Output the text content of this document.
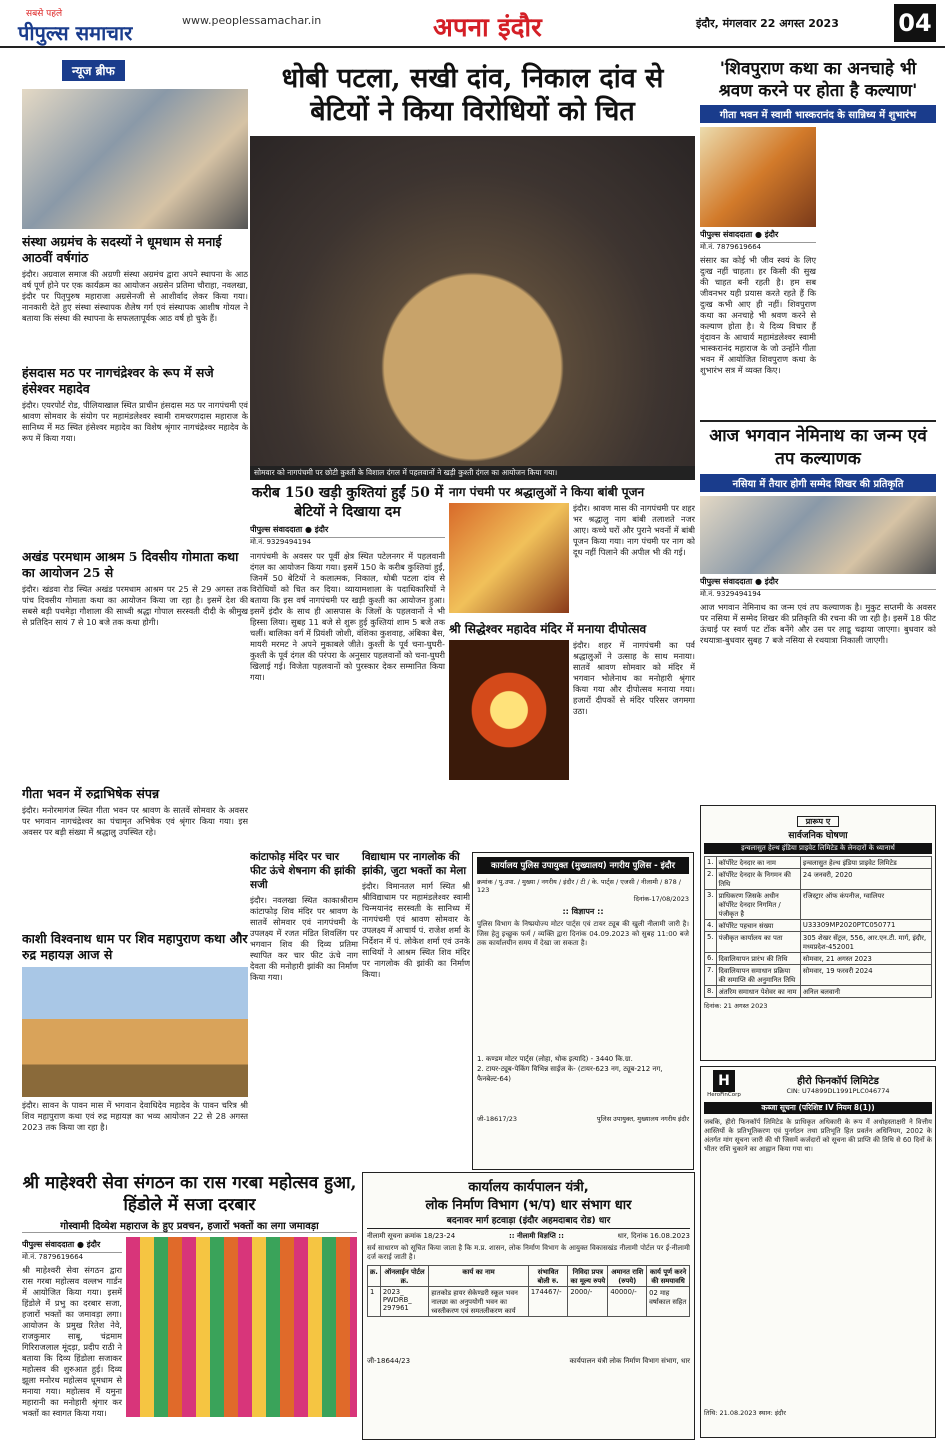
सबसे पहले
पीपुल्स समाचार
www.peoplessamachar.in	अपना इंदौर	इंदौर, मंगलवार 22 अगस्त 2023 04
न्यूज ब्रीफ
संस्था अग्रमंच के सदस्यों ने धूमधाम से मनाई आठवीं वर्षगांठ
इंदौर। अग्रवाल समाज की अग्रणी संस्था अग्रमंच द्वारा अपने स्थापना के आठ वर्ष पूर्ण होने पर एक कार्यक्रम का आयोजन अग्रसेन प्रतिमा चौराहा, नवलखा, इंदौर पर पितृपुरुष महाराजा अग्रसेनजी से आशीर्वाद लेकर किया गया। नानकारी देते हुए संस्था संस्थापक शैलेष गर्ग एवं संस्थापक आशीष गोयल ने बताया कि संस्था की स्थापना के सफलतापूर्वक आठ वर्ष हो चुके हैं।
हंसदास मठ पर नागचंद्रेश्वर के रूप में सजे हंसेश्वर महादेव
इंदौर। एयरपोर्ट रोड, पीलियाखाल स्थित प्राचीन हंसदास मठ पर नागपंचमी एवं श्रावण सोमवार के संयोग पर महामंडलेश्वर स्वामी रामचरणदास महाराज के सानिध्य में मठ स्थित हंसेश्वर महादेव का विशेष श्रृंगार नागचंद्रेश्वर महादेव के रूप में किया गया।
अखंड परमधाम आश्रम 5 दिवसीय गोमाता कथा का आयोजन 25 से
इंदौर। खंडवा रोड स्थित अखंड परमधाम आश्रम पर 25 से 29 अगस्त तक पांच दिवसीय गोमाता कथा का आयोजन किया जा रहा है। इसमें देश की सबसे बड़ी पथमेड़ा गौशाला की साध्वी श्रद्धा गोपाल सरस्वती दीदी के श्रीमुख से प्रतिदिन सायं 7 से 10 बजे तक कथा होगी।
गीता भवन में रुद्राभिषेक संपन्न
इंदौर। मनोरमागंज स्थित गीता भवन पर श्रावण के सातवें सोमवार के अवसर पर भगवान नागचंद्रेश्वर का पंचामृत अभिषेक एवं श्रृंगार किया गया। इस अवसर पर बड़ी संख्या में श्रद्धालु उपस्थित रहे।
काशी विश्वनाथ धाम पर शिव महापुराण कथा और रुद्र महायज्ञ आज से
इंदौर। सावन के पावन मास में भगवान देवाधिदेव महादेव के पावन चरित्र श्री शिव महापुराण कथा एवं रुद्र महायज्ञ का भव्य आयोजन 22 से 28 अगस्त 2023 तक किया जा रहा है।
धोबी पटला, सखी दांव, निकाल दांव से बेटियों ने किया विरोधियों को चित
सोमवार को नागपंचमी पर छोटी कुश्ती के विशाल दंगल में पहलवानों ने खड़ी कुश्ती दंगल का आयोजन किया गया।
करीब 150 खड़ी कुश्तियां हुईं 50 में बेटियों ने दिखाया दम
पीपुल्स संवाददाता ● इंदौर
मो.नं. 9329494194
नागपंचमी के अवसर पर पूर्वी क्षेत्र स्थित पटेलनगर में पहलवानी दंगल का आयोजन किया गया। इसमें 150 के करीब कुश्तियां हुईं, जिनमें 50 बेटियों ने कलात्मक, निकाल, धोबी पटला दांव से विरोधियों को चित कर दिया। व्यायामशाला के पदाधिकारियों ने बताया कि इस वर्ष नागपंचमी पर खड़ी कुश्ती का आयोजन हुआ। इसमें इंदौर के साथ ही आसपास के जिलों के पहलवानों ने भी हिस्सा लिया। सुबह 11 बजे से शुरू हुई कुश्तियां शाम 5 बजे तक चलीं। बालिका वर्ग में प्रियंशी जोशी, वंशिका कुशवाह, अंबिका बैस, मायरी मरमट ने अपने मुकाबले जीते। कुश्ती के पूर्व चना-घुघरी-कुश्ती के पूर्व दंगल की परंपरा के अनुसार पहलवानों को चना-घुघरी खिलाई गई। विजेता पहलवानों को पुरस्कार देकर सम्मानित किया गया।
नाग पंचमी पर श्रद्धालुओं ने किया बांबी पूजन
इंदौर। श्रावण मास की नागपंचमी पर शहर भर श्रद्धालु नाग बांबी तलाशते नजर आए। कच्चे घरों और पुराने भवनों में बांबी पूजन किया गया। नाग पंचमी पर नाग को दूध नहीं पिलाने की अपील भी की गई।
श्री सिद्धेश्वर महादेव मंदिर में मनाया दीपोत्सव
इंदौर। शहर में नागपंचमी का पर्व श्रद्धालुओं ने उत्साह के साथ मनाया। सातवें श्रावण सोमवार को मंदिर में भगवान भोलेनाथ का मनोहारी श्रृंगार किया गया और दीपोत्सव मनाया गया। हजारों दीपकों से मंदिर परिसर जगमगा उठा।
कांटाफोड़ मंदिर पर चार फीट ऊंचे शेषनाग की झांकी सजी
इंदौर। नवलखा स्थित काकाश्रीराम कांटाफोड़ शिव मंदिर पर श्रावण के सातवें सोमवार एवं नागपंचमी के उपलक्ष्य में रजत मंडित शिवलिंग पर भगवान शिव की दिव्य प्रतिमा स्थापित कर चार फीट ऊंचे नाग देवता की मनोहारी झांकी का निर्माण किया गया।
विद्याधाम पर नागलोक की झांकी, जुटा भक्तों का मेला
इंदौर। विमानतल मार्ग स्थित श्री श्रीविद्याधाम पर महामंडलेश्वर स्वामी चिन्मयानंद सरस्वती के सानिध्य में नागपंचमी एवं श्रावण सोमवार के उपलक्ष्य में आचार्य पं. राजेश शर्मा के निर्देशन में पं. लोकेश शर्मा एवं उनके साथियों ने आश्रम स्थित शिव मंदिर पर नागलोक की झांकी का निर्माण किया।
कार्यालय पुलिस उपायुक्त (मुख्यालय) नगरीय पुलिस - इंदौर
क्रमांक / पु.उपा. / मुख्या / नगरीय / इंदौर / टी / के. पार्ट्स / एजसी / नीलामी / 878 / 123
दिनांक-17/08/2023
:: विज्ञापन ::
पुलिस विभाग के निष्प्रयोज्य मोटर पार्ट्स एवं टायर ट्यूब की खुली नीलामी जारी है। जिस हेतु इच्छुक फर्म / व्यक्ति द्वारा दिनांक 04.09.2023 को सुबह 11:00 बजे तक कार्यालयीन समय में देखा जा सकता है।
1. कण्डम मोटर पार्ट्स (लोहा, थोक इत्यादि) - 3440 कि.ग्रा.
2. टायर-ट्यूब-पेकिंग विभिन्न साईज के- (टायर-623 नग, ट्यूब-212 नग, फैनबेल्ट-64)
जी-18617/23	पुलिस उपायुक्त, मुख्यालय नगरीय इंदौर
'शिवपुराण कथा का अनचाहे भी श्रवण करने पर होता है कल्याण'
गीता भवन में स्वामी भास्करानंद के सान्निध्य में शुभारंभ
पीपुल्स संवाददाता ● इंदौर
मो.नं. 7879619664
संसार का कोई भी जीव स्वयं के लिए दुःख नहीं चाहता। हर किसी की सुख की चाहत बनी रहती है। हम सब जीवनभर यही प्रयास करते रहते हैं कि दुःख कभी आए ही नहीं। शिवपुराण कथा का अनचाहे भी श्रवण करने से कल्याण होता है। ये दिव्य विचार हैं वृंदावन के आचार्य महामंडलेश्वर स्वामी भास्करानंद महाराज के जो उन्होंने गीता भवन में आयोजित शिवपुराण कथा के शुभारंभ सत्र में व्यक्त किए।
आज भगवान नेमिनाथ का जन्म एवं तप कल्याणक
नसिया में तैयार होगी सम्मेद शिखर की प्रतिकृति
पीपुल्स संवाददाता ● इंदौर
मो.नं. 9329494194
आज भगवान नेमिनाथ का जन्म एवं तप कल्याणक है। मुकुट सप्तमी के अवसर पर नसिया में सम्मेद शिखर की प्रतिकृति की रचना की जा रही है। इसमें 18 फीट ऊंचाई पर स्वर्ण पट टोंक बनेंगे और उस पर लाडू चढ़ाया जाएगा। बुधवार को रथयात्रा-बुधवार सुबह 7 बजे नसिया से रथयात्रा निकाली जाएगी।
प्रारूप ए
सार्वजनिक घोषणा
इन्वलासुत हेल्थ इंडिया प्राइवेट लिमिटेड के लेनदारों के ध्यानार्थ
1.	कॉर्पोरेट देनदार का नाम	इन्वलासुत हेल्थ इंडिया प्राइवेट लिमिटेड
2.	कॉर्पोरेट देनदार के निगमन की तिथि	24 जनवरी, 2020
3.	प्राधिकरण जिसके अधीन कॉर्पोरेट देनदार निगमित / पंजीकृत है	रजिस्ट्रार ऑफ कंपनीज, ग्वालियर
4.	कॉर्पोरेट पहचान संख्या	U33309MP2020PTC050771
5.	पंजीकृत कार्यालय का पता	305 शेखर सेंट्रल, 556, आर.एन.टी. मार्ग, इंदौर, मध्यप्रदेश-452001
6.	दिवालियापन प्रारंभ की तिथि	सोमवार, 21 अगस्त 2023
7.	दिवालियापन समाधान प्रक्रिया की समाप्ति की अनुमानित तिथि	सोमवार, 19 फरवरी 2024
8.	अंतरिम समाधान पेशेवर का नाम	अनिल बलवानी
दिनांक: 21 अगस्त 2023
H
HeroFinCorp
हीरो फिनकॉर्प लिमिटेड
CIN: U74899DL1991PLC046774
कब्जा सूचना (परिशिष्ट IV नियम 8(1))
जबकि, हीरो फिनकॉर्प लिमिटेड के प्राधिकृत अधिकारी के रूप में अधोहस्ताक्षरी ने वित्तीय आस्तियों के प्रतिभूतिकरण एवं पुनर्गठन तथा प्रतिभूति हित प्रवर्तन अधिनियम, 2002 के अंतर्गत मांग सूचना जारी की थी जिसमें कर्जदारों को सूचना की प्राप्ति की तिथि से 60 दिनों के भीतर राशि चुकाने का आह्वान किया गया था।
तिथि: 21.08.2023 स्थान: इंदौर
श्री माहेश्वरी सेवा संगठन का रास गरबा महोत्सव हुआ, हिंडोले में सजा दरबार
गोस्वामी दिव्येश महाराज के हुए प्रवचन, हजारों भक्तों का लगा जमावड़ा
पीपुल्स संवाददाता ● इंदौर
मो.नं. 7879619664
श्री माहेश्वरी सेवा संगठन द्वारा रास गरबा महोत्सव वल्लभ गार्डन में आयोजित किया गया। इसमें हिंडोले में प्रभु का दरबार सजा, हजारों भक्तों का जमावड़ा लगा। आयोजन के प्रमुख रितेश नेवे, राजकुमार साबू, चंद्रमाम गिरिराजलाल मूंदड़ा, प्रदीप राठी ने बताया कि दिव्य हिंडोला सजाकर महोत्सव की शुरुआत हुई। दिव्य झूला मनोरथ महोत्सव धूमधाम से मनाया गया। महोत्सव में यमुना महारानी का मनोहारी श्रृंगार कर भक्तों का स्वागत किया गया।
कार्यालय कार्यपालन यंत्री,
लोक निर्माण विभाग (भ/प) धार संभाग धार
बदनावर मार्ग हटवाड़ा (इंदौर अहमदाबाद रोड) धार
नीलामी सूचना क्रमांक 18/23-24	:: नीलामी विज्ञप्ति ::	धार, दिनांक 16.08.2023
सर्व साधारण को सूचित किया जाता है कि म.प्र. शासन, लोक निर्माण विभाग के आयुक्त विकासखंड नीलामी पोर्टल पर ई-नीलामी दर्ज कराई जाती है।
क्र.	ऑनलाईन पोर्टल क्र.	कार्य का नाम	संभावित बोली रु.	निविदा प्रपत्र का मूल्य रुपये	अमानत राशि (रुपये)	कार्य पूर्ण करने की समयावधि
1	2023_ PWDRB_ 297961	हातकोड हायर सेकेण्डरी स्कूल भवन नालछा का अनुपयोगी भवन का ध्वस्तीकरण एवं समतलीकरण कार्य	174467/-	2000/-	40000/-	02 माह वर्षाकाल सहित
जी-18644/23	कार्यपालन यंत्री लोक निर्माण विभाग संभाग, धार
